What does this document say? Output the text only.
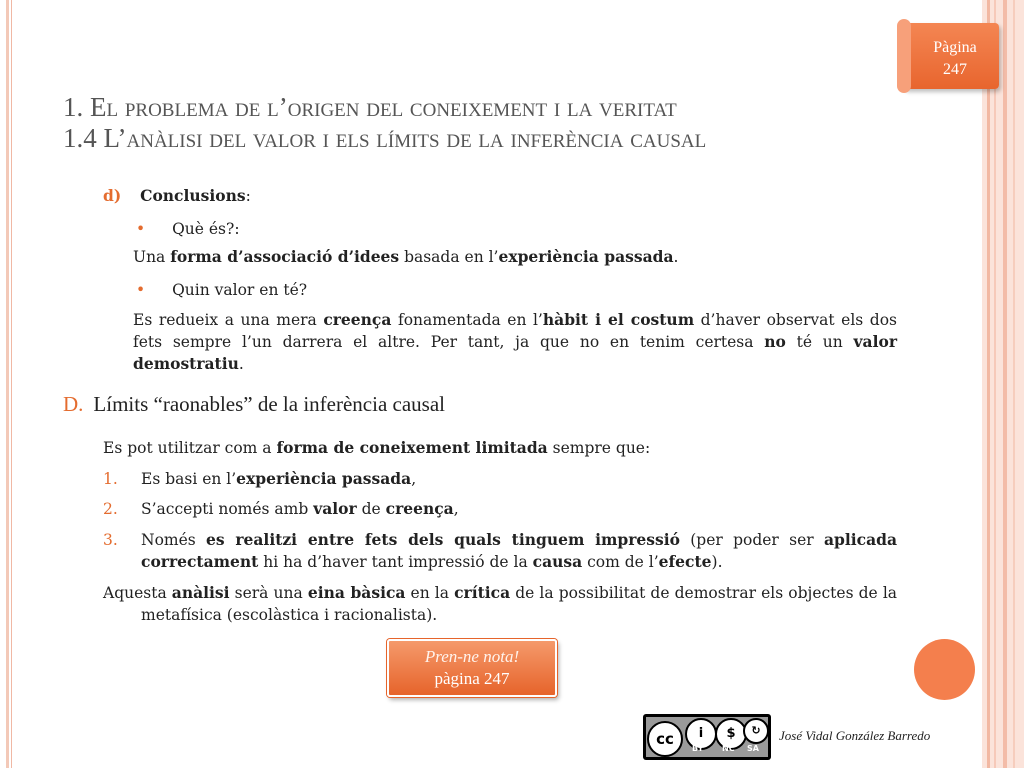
Pàgina
247
1. El problema de l’origen del coneixement i la veritat
1.4 L’anàlisi del valor i els límits de la inferència causal
d) Conclusions:
• Què és?:
Una forma d’associació d’idees basada en l’experiència passada.
• Quin valor en té?
Es redueix a una mera creença fonamentada en l’hàbit i el costum d’haver observat els dos fets sempre l’un darrera el altre. Per tant, ja que no en tenim certesa no té un valor demostratiu.
D. Límits “raonables” de la inferència causal
Es pot utilitzar com a forma de coneixement limitada sempre que:
1. Es basi en l’experiència passada,
2. S’accepti només amb valor de creença,
3. Només es realitzi entre fets dels quals tinguem impressió (per poder ser aplicada correctament hi ha d’haver tant impressió de la causa com de l’efecte).
Aquesta anàlisi serà una eina bàsica en la crítica de la possibilitat de demostrar els objectes de la metafísica (escolàstica i racionalista).
Pren-ne nota!
pàgina 247
cc	i	$	↻
BY NC SA
José Vidal González Barredo
